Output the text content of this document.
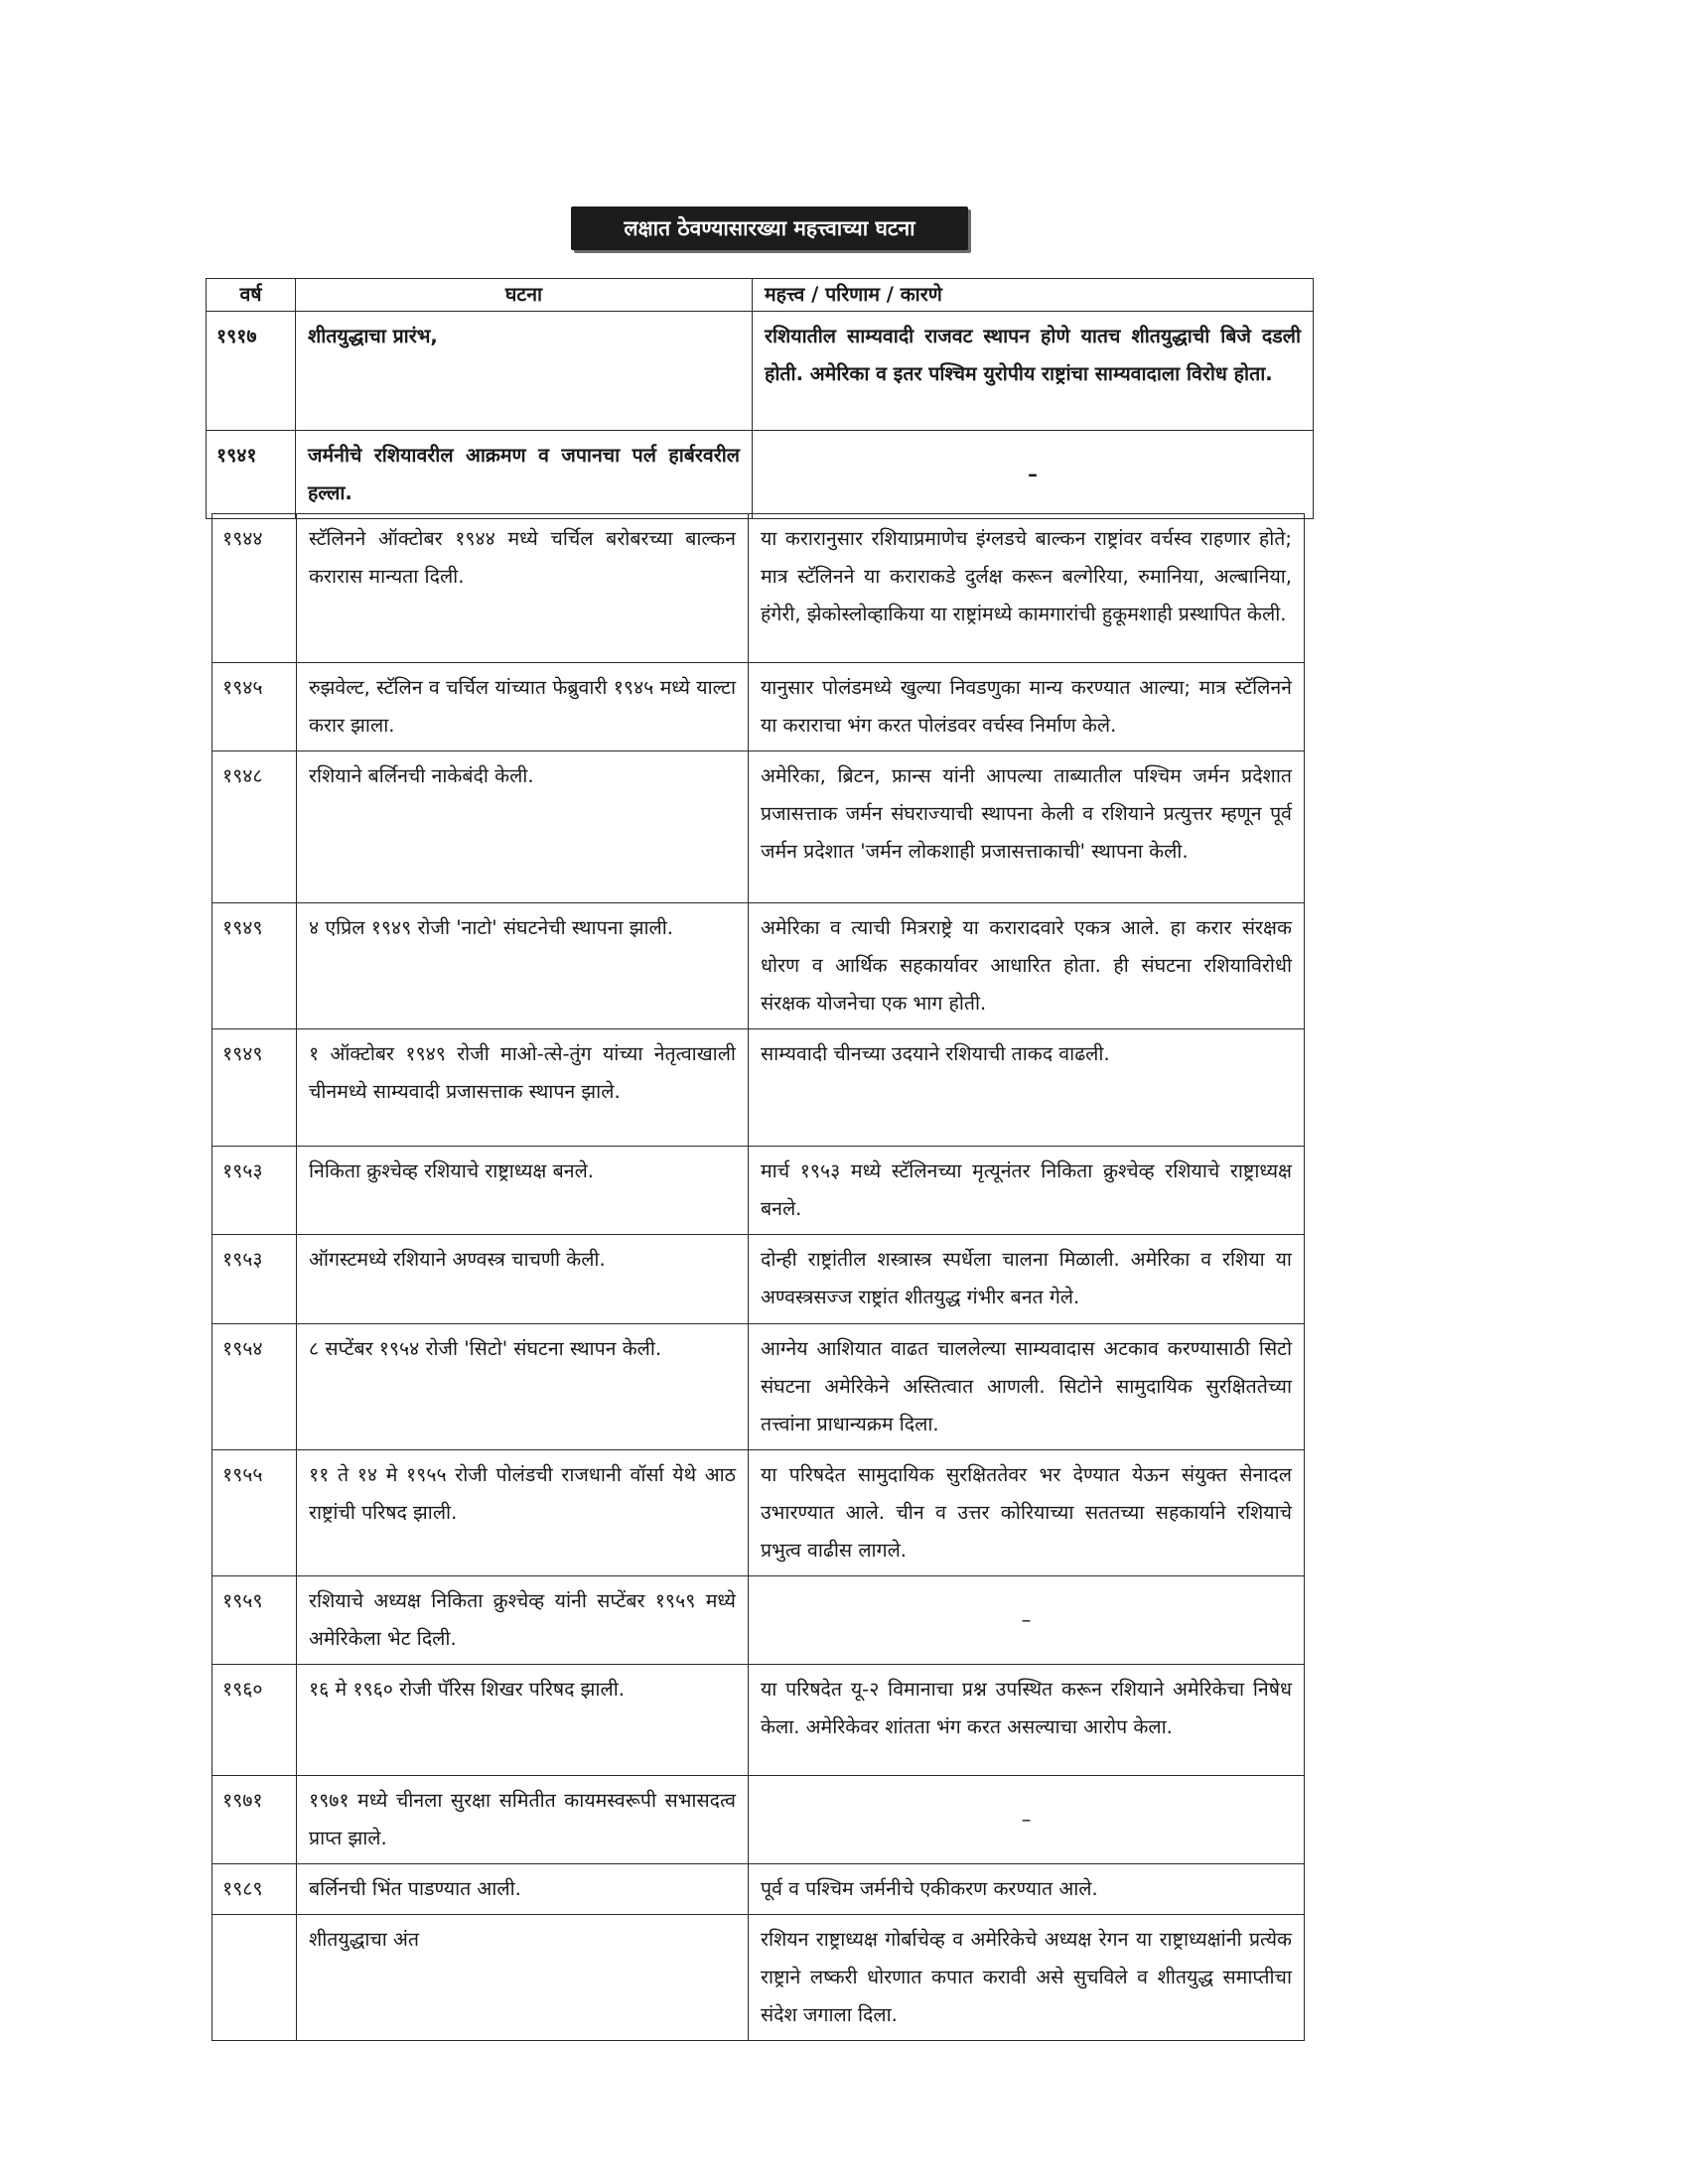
लक्षात ठेवण्यासारख्या महत्त्वाच्या घटना
वर्ष	घटना	महत्त्व / परिणाम / कारणे
१९१७	शीतयुद्धाचा प्रारंभ,	रशियातील साम्यवादी राजवट स्थापन होणे यातच शीतयुद्धाची बिजे दडली होती. अमेरिका व इतर पश्चिम युरोपीय राष्ट्रांचा साम्यवादाला विरोध होता.
१९४१	जर्मनीचे रशियावरील आक्रमण व जपानचा पर्ल हार्बरवरील हल्ला.	–
१९४४	स्टॅलिनने ऑक्टोबर १९४४ मध्ये चर्चिल बरोबरच्या बाल्कन करारास मान्यता दिली.	या करारानुसार रशियाप्रमाणेच इंग्लडचे बाल्कन राष्ट्रांवर वर्चस्व राहणार होते; मात्र स्टॅलिनने या कराराकडे दुर्लक्ष करून बल्गेरिया, रुमानिया, अल्बानिया, हंगेरी, झेकोस्लोव्हाकिया या राष्ट्रांमध्ये कामगारांची हुकूमशाही प्रस्थापित केली.
१९४५	रुझवेल्ट, स्टॅलिन व चर्चिल यांच्यात फेब्रुवारी १९४५ मध्ये याल्टा करार झाला.	यानुसार पोलंडमध्ये खुल्या निवडणुका मान्य करण्यात आल्या; मात्र स्टॅलिनने या कराराचा भंग करत पोलंडवर वर्चस्व निर्माण केले.
१९४८	रशियाने बर्लिनची नाकेबंदी केली.	अमेरिका, ब्रिटन, फ्रान्स यांनी आपल्या ताब्यातील पश्चिम जर्मन प्रदेशात प्रजासत्ताक जर्मन संघराज्याची स्थापना केली व रशियाने प्रत्युत्तर म्हणून पूर्व जर्मन प्रदेशात 'जर्मन लोकशाही प्रजासत्ताकाची' स्थापना केली.
१९४९	४ एप्रिल १९४९ रोजी 'नाटो' संघटनेची स्थापना झाली.	अमेरिका व त्याची मित्रराष्ट्रे या करारादवारे एकत्र आले. हा करार संरक्षक धोरण व आर्थिक सहकार्यावर आधारित होता. ही संघटना रशियाविरोधी संरक्षक योजनेचा एक भाग होती.
१९४९	१ ऑक्टोबर १९४९ रोजी माओ-त्से-तुंग यांच्या नेतृत्वाखाली चीनमध्ये साम्यवादी प्रजासत्ताक स्थापन झाले.	साम्यवादी चीनच्या उदयाने रशियाची ताकद वाढली.
१९५३	निकिता क्रुश्चेव्ह रशियाचे राष्ट्राध्यक्ष बनले.	मार्च १९५३ मध्ये स्टॅलिनच्या मृत्यूनंतर निकिता क्रुश्चेव्ह रशियाचे राष्ट्राध्यक्ष बनले.
१९५३	ऑगस्टमध्ये रशियाने अण्वस्त्र चाचणी केली.	दोन्ही राष्ट्रांतील शस्त्रास्त्र स्पर्धेला चालना मिळाली. अमेरिका व रशिया या अण्वस्त्रसज्ज राष्ट्रांत शीतयुद्ध गंभीर बनत गेले.
१९५४	८ सप्टेंबर १९५४ रोजी 'सिटो' संघटना स्थापन केली.	आग्नेय आशियात वाढत चाललेल्या साम्यवादास अटकाव करण्यासाठी सिटो संघटना अमेरिकेने अस्तित्वात आणली. सिटोने सामुदायिक सुरक्षिततेच्या तत्त्वांना प्राधान्यक्रम दिला.
१९५५	११ ते १४ मे १९५५ रोजी पोलंडची राजधानी वॉर्सा येथे आठ राष्ट्रांची परिषद झाली.	या परिषदेत सामुदायिक सुरक्षिततेवर भर देण्यात येऊन संयुक्त सेनादल उभारण्यात आले. चीन व उत्तर कोरियाच्या सततच्या सहकार्याने रशियाचे प्रभुत्व वाढीस लागले.
१९५९	रशियाचे अध्यक्ष निकिता क्रुश्चेव्ह यांनी सप्टेंबर १९५९ मध्ये अमेरिकेला भेट दिली.	–
१९६०	१६ मे १९६० रोजी पॅरिस शिखर परिषद झाली.	या परिषदेत यू-२ विमानाचा प्रश्न उपस्थित करून रशियाने अमेरिकेचा निषेध केला. अमेरिकेवर शांतता भंग करत असल्याचा आरोप केला.
१९७१	१९७१ मध्ये चीनला सुरक्षा समितीत कायमस्वरूपी सभासदत्व प्राप्त झाले.	–
१९८९	बर्लिनची भिंत पाडण्यात आली.	पूर्व व पश्चिम जर्मनीचे एकीकरण करण्यात आले.
	शीतयुद्धाचा अंत	रशियन राष्ट्राध्यक्ष गोर्बाचेव्ह व अमेरिकेचे अध्यक्ष रेगन या राष्ट्राध्यक्षांनी प्रत्येक राष्ट्राने लष्करी धोरणात कपात करावी असे सुचविले व शीतयुद्ध समाप्तीचा संदेश जगाला दिला.
